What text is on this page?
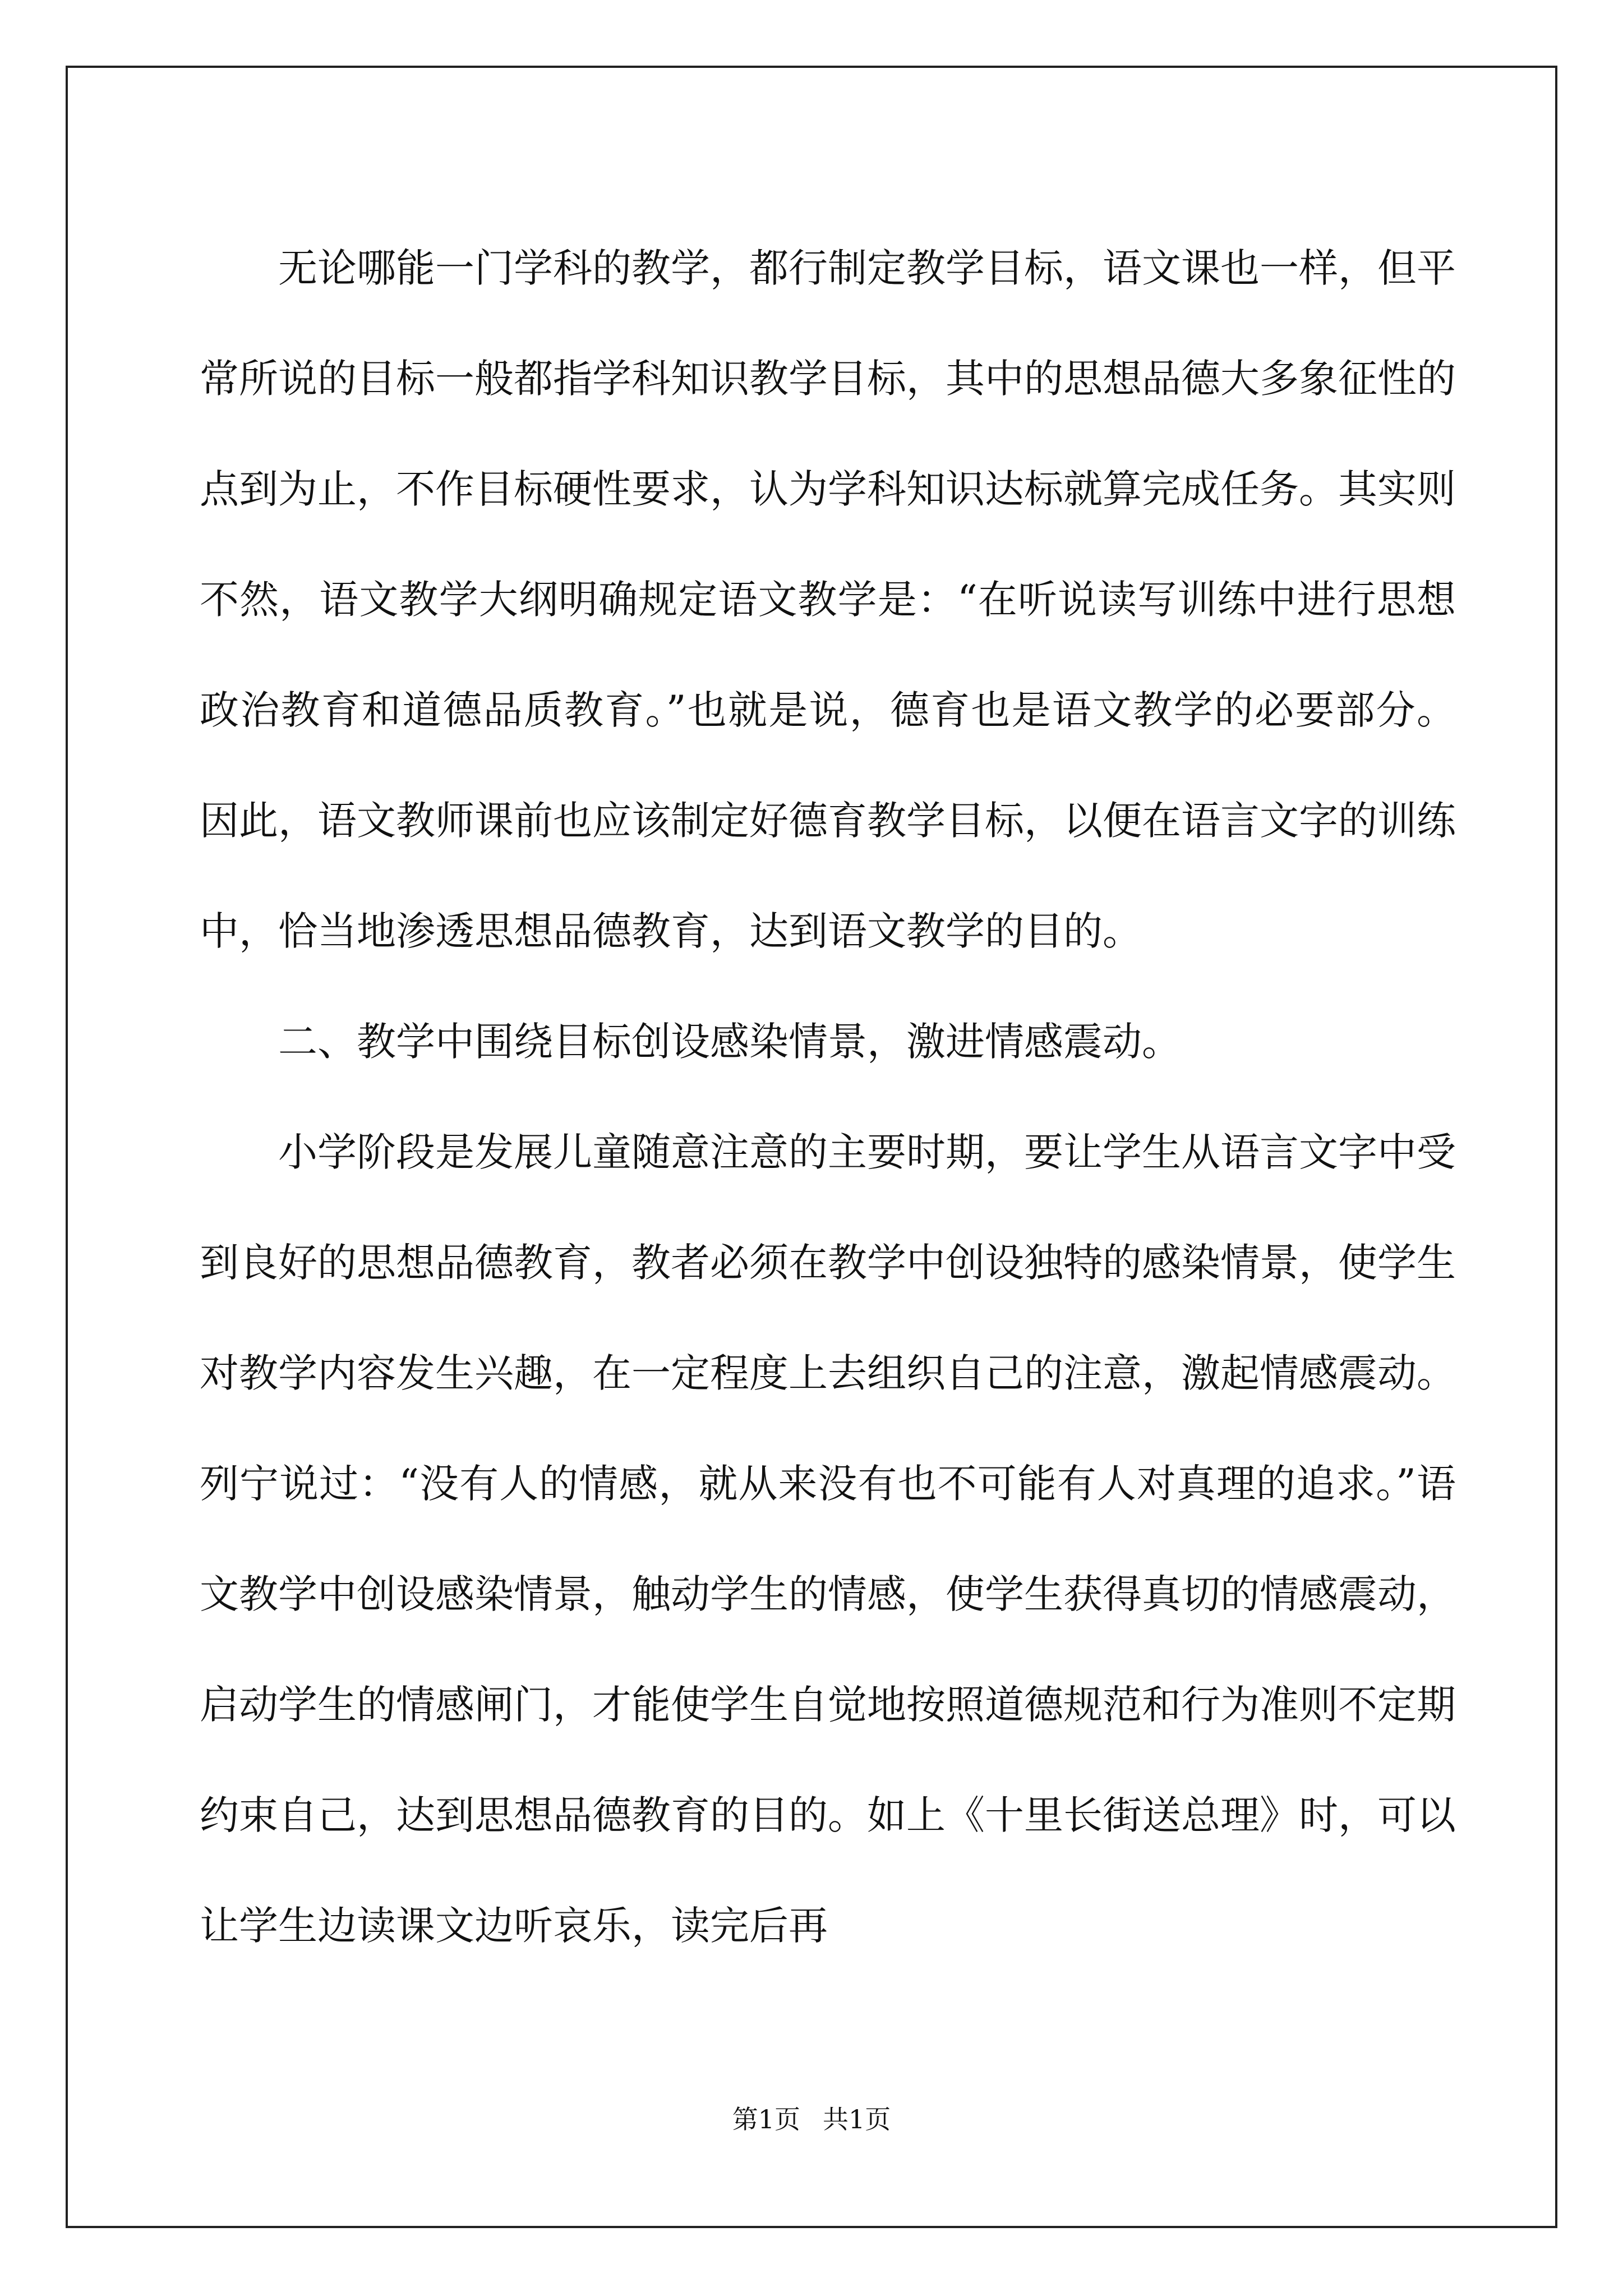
无论哪能一门学科的教学，都行制定教学目标，语文课也一样，但平常所说的目标一般都指学科知识教学目标，其中的思想品德大多象征性的点到为止，不作目标硬性要求，认为学科知识达标就算完成任务。其实则不然，语文教学大纲明确规定语文教学是：“在听说读写训练中进行思想政治教育和道德品质教育。”也就是说，德育也是语文教学的必要部分。因此，语文教师课前也应该制定好德育教学目标，以便在语言文字的训练中，恰当地渗透思想品德教育，达到语文教学的目的。

二、教学中围绕目标创设感染情景，激进情感震动。

小学阶段是发展儿童随意注意的主要时期，要让学生从语言文字中受到良好的思想品德教育，教者必须在教学中创设独特的感染情景，使学生对教学内容发生兴趣，在一定程度上去组织自己的注意，激起情感震动。列宁说过：“没有人的情感，就从来没有也不可能有人对真理的追求。”语文教学中创设感染情景，触动学生的情感，使学生获得真切的情感震动，启动学生的情感闸门，才能使学生自觉地按照道德规范和行为准则不定期约束自己，达到思想品德教育的目的。如上《十里长街送总理》时，可以让学生边读课文边听哀乐，读完后再

第1页 共1页
